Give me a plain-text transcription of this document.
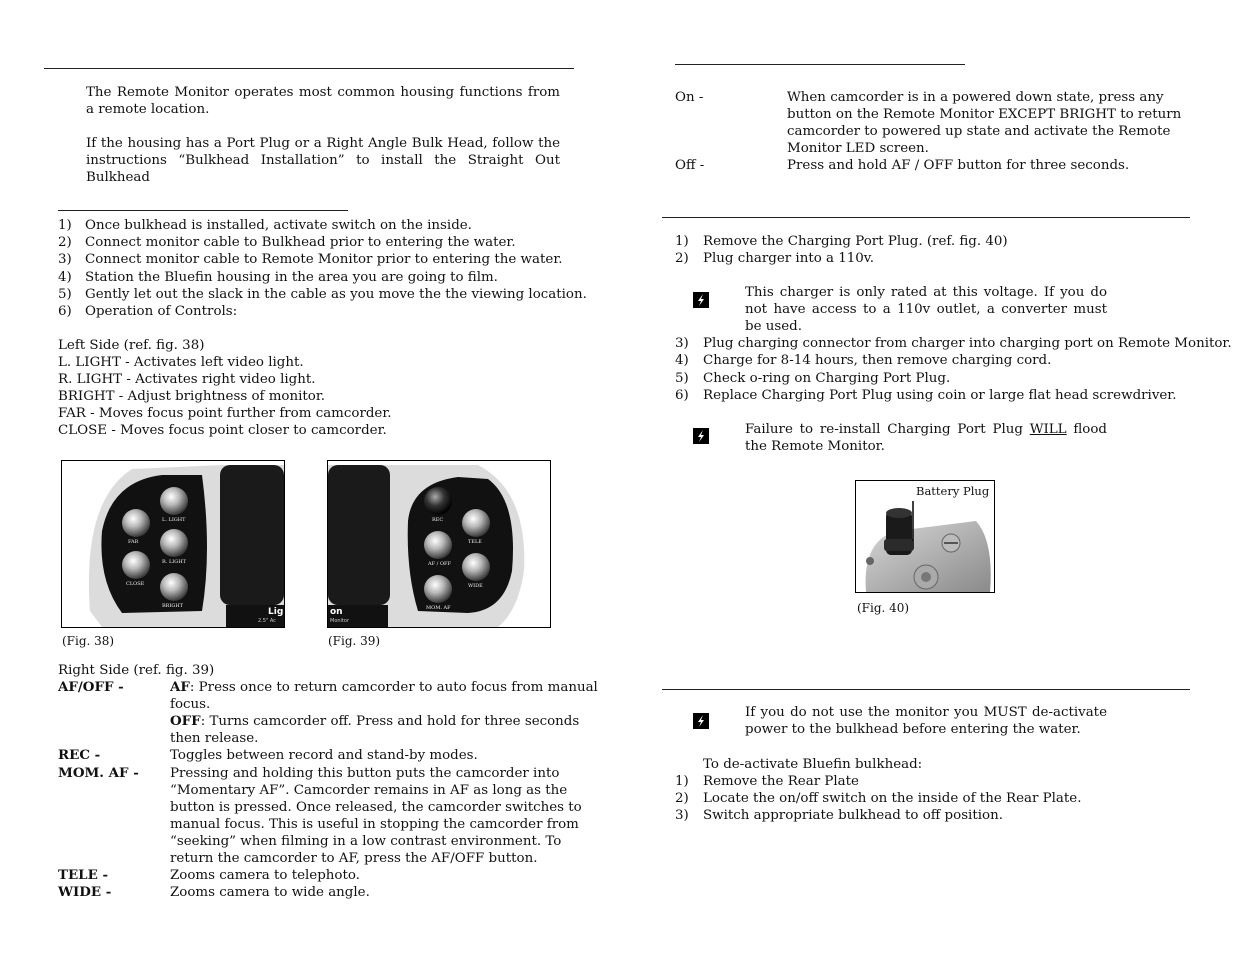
The Remote Monitor operates most common housing functions from a remote location.
If the housing has a Port Plug or a Right Angle Bulk Head, follow the instructions “Bulkhead Installation” to install the Straight Out Bulkhead
1) Once bulkhead is installed, activate switch on the inside.
2) Connect monitor cable to Bulkhead prior to entering the water.
3) Connect monitor cable to Remote Monitor prior to entering the water.
4) Station the Bluefin housing in the area you are going to film.
5) Gently let out the slack in the cable as you move the the viewing location.
6) Operation of Controls:
Left Side (ref. fig. 38)
L. LIGHT - Activates left video light.
R. LIGHT - Activates right video light.
BRIGHT - Adjust brightness of monitor.
FAR - Moves focus point further from camcorder.
CLOSE - Moves focus point closer to camcorder.
L. LIGHT
FAR
R. LIGHT
CLOSE
BRIGHT
Lig
2.5" Ac
(Fig. 38)
REC
TELE
AF / OFF
WIDE
MOM. AF
on
Monitor
(Fig. 39)
Right Side (ref. fig. 39)
AF/OFF -	AF: Press once to return camcorder to auto focus from manual
focus.
OFF: Turns camcorder off. Press and hold for three seconds
then release.
REC -	Toggles between record and stand-by modes.
MOM. AF - Pressing and holding this button puts the camcorder into
“Momentary AF”. Camcorder remains in AF as long as the
button is pressed. Once released, the camcorder switches to
manual focus. This is useful in stopping the camcorder from
“seeking” when filming in a low contrast environment. To
return the camcorder to AF, press the AF/OFF button.
TELE -	Zooms camera to telephoto.
WIDE -	Zooms camera to wide angle.
On -	When camcorder is in a powered down state, press any
button on the Remote Monitor EXCEPT BRIGHT to return
camcorder to powered up state and activate the Remote
Monitor LED screen.
Off -	Press and hold AF / OFF button for three seconds.
1) Remove the Charging Port Plug. (ref. fig. 40)
2) Plug charger into a 110v.
This charger is only rated at this voltage. If you do not have access to a 110v outlet, a converter must be used.
3) Plug charging connector from charger into charging port on Remote Monitor.
4) Charge for 8-14 hours, then remove charging cord.
5) Check o-ring on Charging Port Plug.
6) Replace Charging Port Plug using coin or large flat head screwdriver.
Failure to re-install Charging Port Plug WILL flood the Remote Monitor.
Battery Plug
(Fig. 40)
If you do not use the monitor you MUST de-activate power to the bulkhead before entering the water.
To de-activate Bluefin bulkhead:
1) Remove the Rear Plate
2) Locate the on/off switch on the inside of the Rear Plate.
3) Switch appropriate bulkhead to off position.
